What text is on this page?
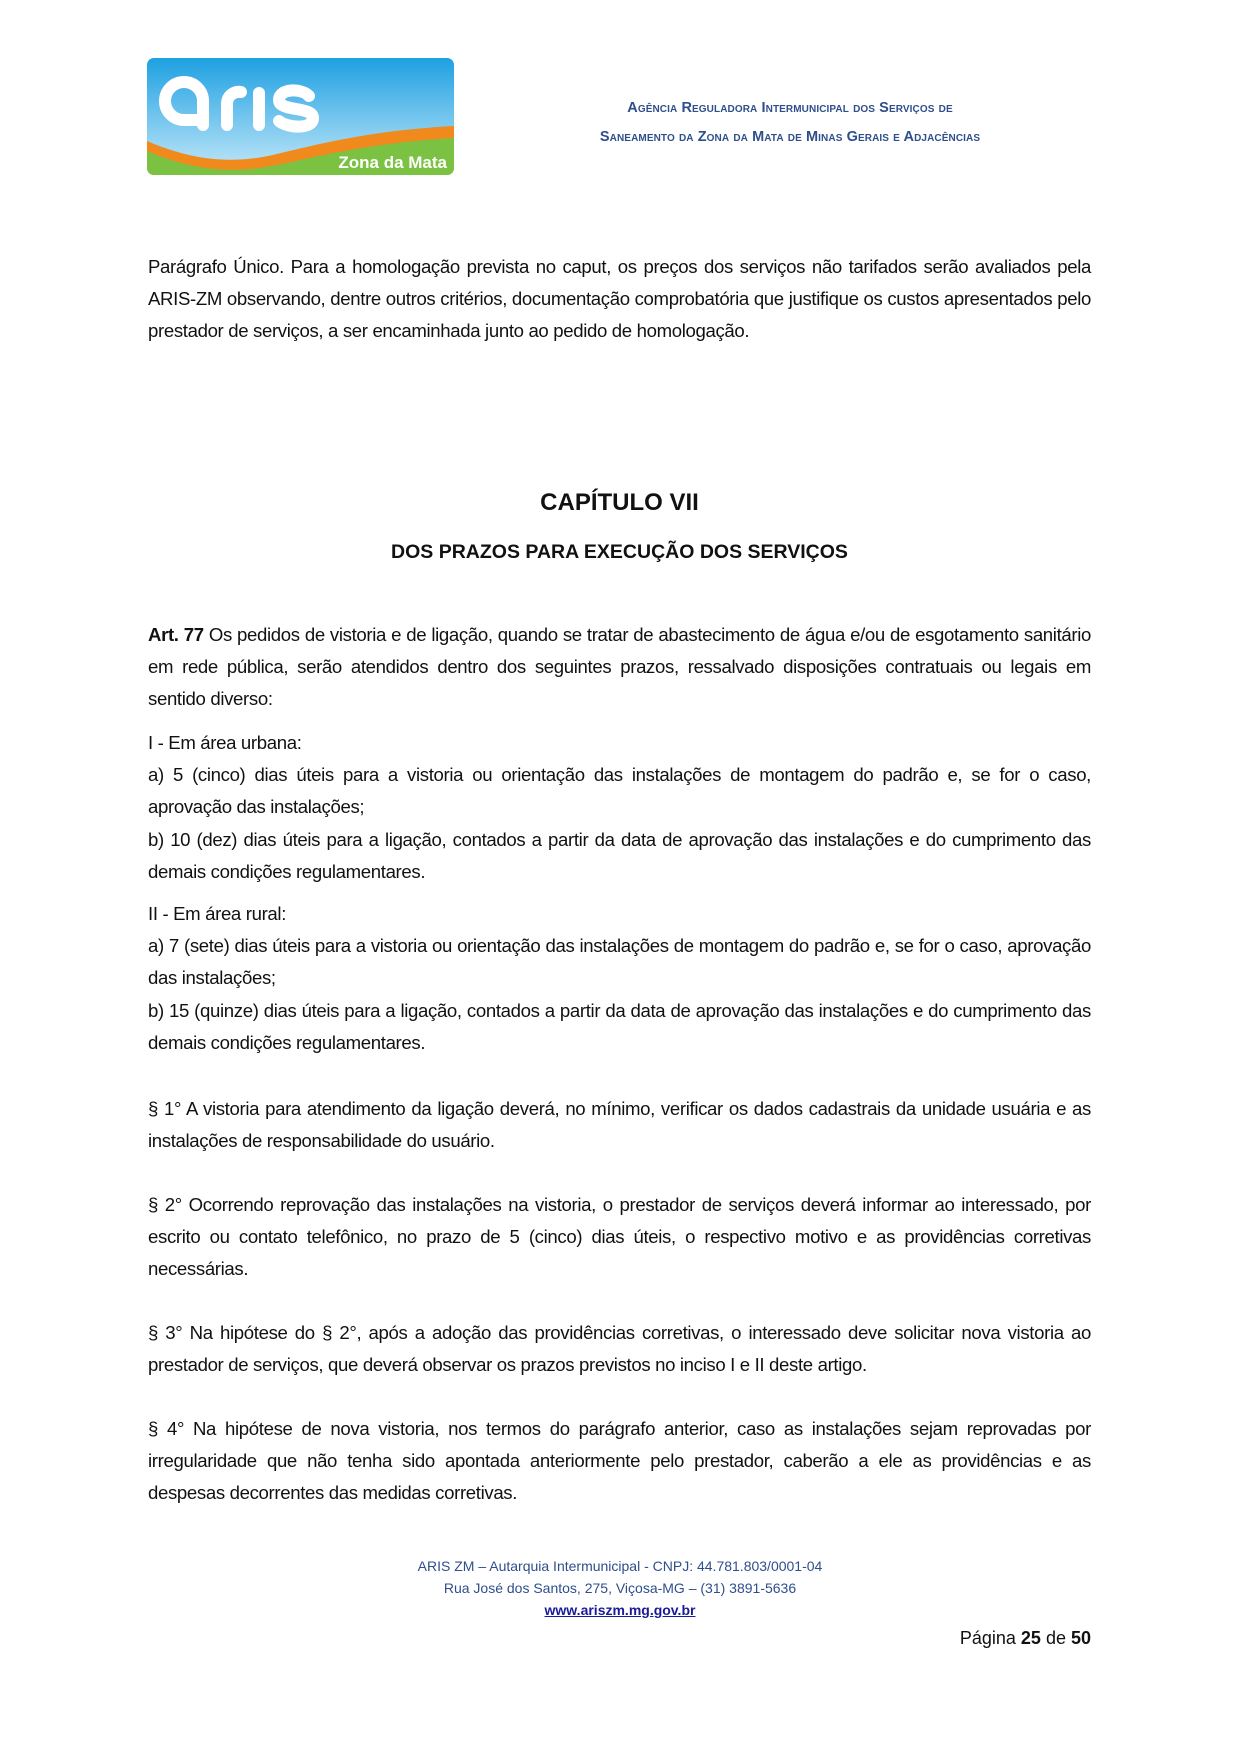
Zona da Mata
Agência Reguladora Intermunicipal dos Serviços de
Saneamento da Zona da Mata de Minas Gerais e Adjacências

Parágrafo Único. Para a homologação prevista no caput, os preços dos serviços não tarifados serão avaliados pela ARIS-ZM observando, dentre outros critérios, documentação comprobatória que justifique os custos apresentados pelo prestador de serviços, a ser encaminhada junto ao pedido de homologação.

CAPÍTULO VII
DOS PRAZOS PARA EXECUÇÃO DOS SERVIÇOS

Art. 77 Os pedidos de vistoria e de ligação, quando se tratar de abastecimento de água e/ou de esgotamento sanitário em rede pública, serão atendidos dentro dos seguintes prazos, ressalvado disposições contratuais ou legais em sentido diverso:

I - Em área urbana:
a) 5 (cinco) dias úteis para a vistoria ou orientação das instalações de montagem do padrão e, se for o caso, aprovação das instalações;
b) 10 (dez) dias úteis para a ligação, contados a partir da data de aprovação das instalações e do cumprimento das demais condições regulamentares.
II - Em área rural:
a) 7 (sete) dias úteis para a vistoria ou orientação das instalações de montagem do padrão e, se for o caso, aprovação das instalações;
b) 15 (quinze) dias úteis para a ligação, contados a partir da data de aprovação das instalações e do cumprimento das demais condições regulamentares.

§ 1° A vistoria para atendimento da ligação deverá, no mínimo, verificar os dados cadastrais da unidade usuária e as instalações de responsabilidade do usuário.

§ 2° Ocorrendo reprovação das instalações na vistoria, o prestador de serviços deverá informar ao interessado, por escrito ou contato telefônico, no prazo de 5 (cinco) dias úteis, o respectivo motivo e as providências corretivas necessárias.

§ 3° Na hipótese do § 2°, após a adoção das providências corretivas, o interessado deve solicitar nova vistoria ao prestador de serviços, que deverá observar os prazos previstos no inciso I e II deste artigo.

§ 4° Na hipótese de nova vistoria, nos termos do parágrafo anterior, caso as instalações sejam reprovadas por irregularidade que não tenha sido apontada anteriormente pelo prestador, caberão a ele as providências e as despesas decorrentes das medidas corretivas.

ARIS ZM – Autarquia Intermunicipal - CNPJ: 44.781.803/0001-04
Rua José dos Santos, 275, Viçosa-MG – (31) 3891-5636
www.ariszm.mg.gov.br
Página 25 de 50
